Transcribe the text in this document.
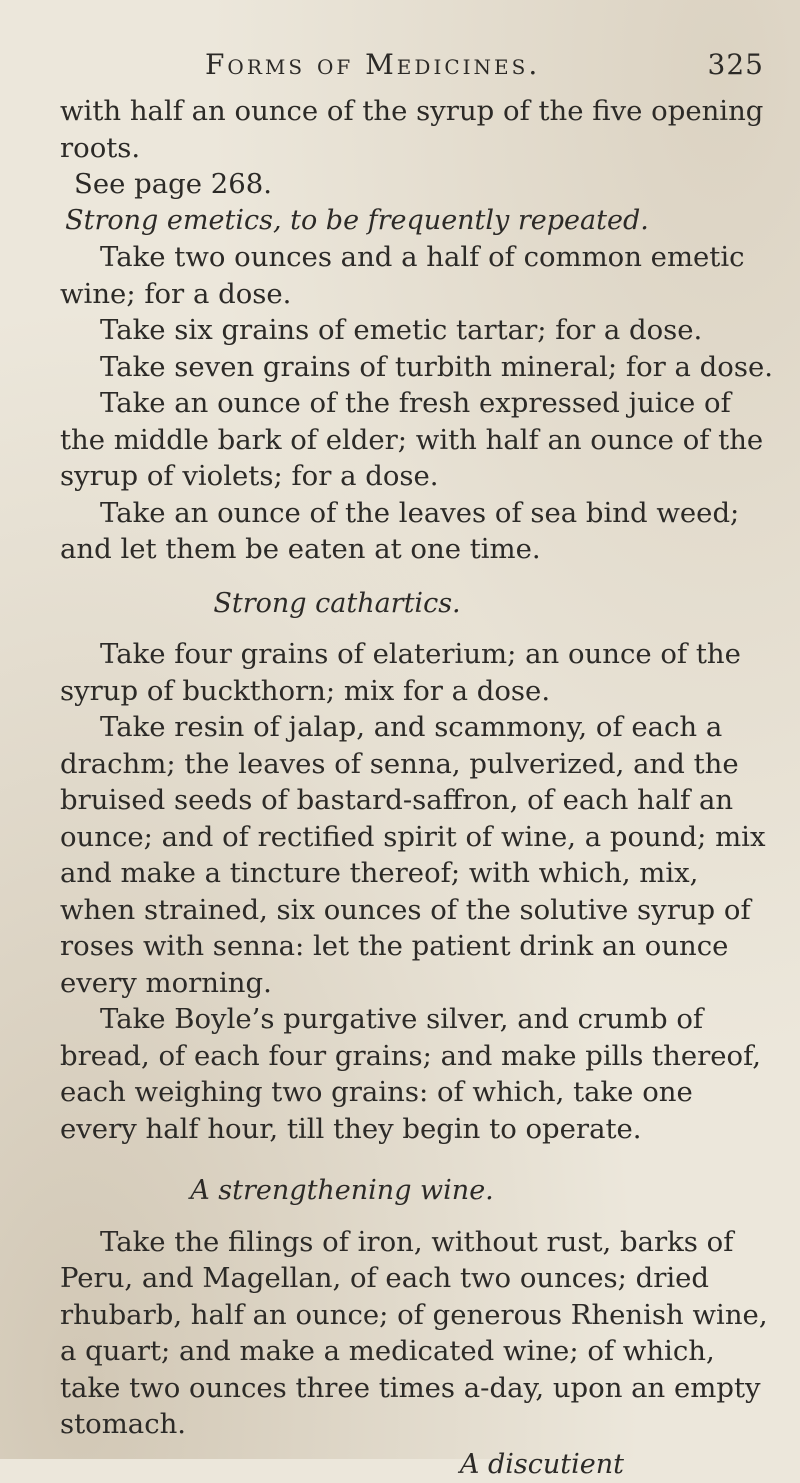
Forms of Medicines.	325

with half an ounce of the syrup of the five opening roots.

See page 268.

Strong emetics, to be frequently repeated.

Take two ounces and a half of common emetic wine; for a dose.

Take six grains of emetic tartar; for a dose.

Take seven grains of turbith mineral; for a dose.

Take an ounce of the fresh expressed juice of the middle bark of elder; with half an ounce of the syrup of violets; for a dose.

Take an ounce of the leaves of sea bind weed; and let them be eaten at one time.

Strong cathartics.

Take four grains of elaterium; an ounce of the syrup of buckthorn; mix for a dose.

Take resin of jalap, and scammony, of each a drachm; the leaves of senna, pulverized, and the bruised seeds of bastard-saffron, of each half an ounce; and of rectified spirit of wine, a pound; mix and make a tincture thereof; with which, mix, when strained, six ounces of the solutive syrup of roses with senna: let the patient drink an ounce every morning.

Take Boyle’s purgative silver, and crumb of bread, of each four grains; and make pills thereof, each weighing two grains: of which, take one every half hour, till they begin to operate.

A strengthening wine.

Take the filings of iron, without rust, barks of Peru, and Magellan, of each two ounces; dried rhubarb, half an ounce; of generous Rhenish wine, a quart; and make a medicated wine; of which, take two ounces three times a-day, upon an empty stomach.

A discutient
